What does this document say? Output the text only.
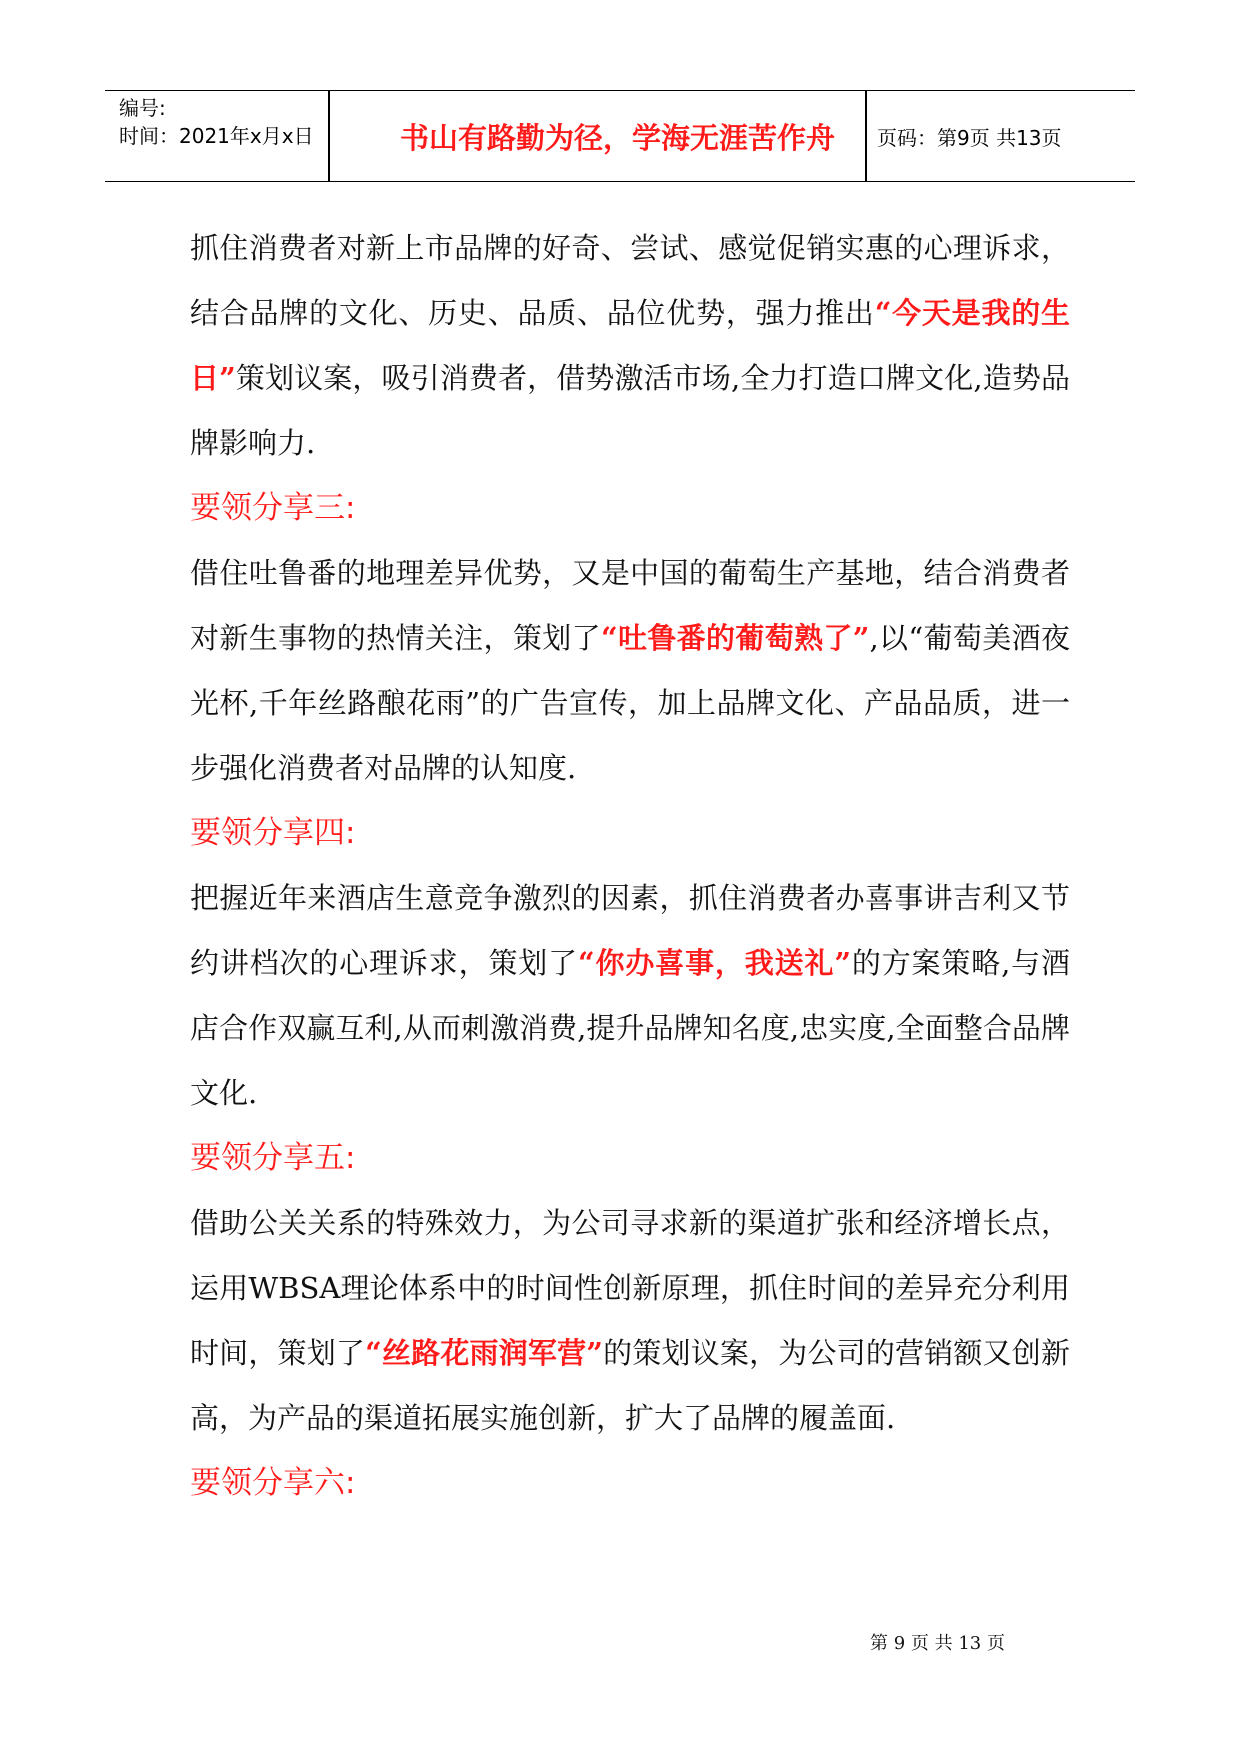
编号:
时间：2021年x月x日	书山有路勤为径，学海无涯苦作舟	页码：第9页 共13页

抓住消费者对新上市品牌的好奇、尝试、感觉促销实惠的心理诉求，结合品牌的文化、历史、品质、品位优势，强力推出“今天是我的生日”策划议案，吸引消费者，借势激活市场,全力打造口牌文化,造势品牌影响力.

要领分享三:

借住吐鲁番的地理差异优势，又是中国的葡萄生产基地，结合消费者对新生事物的热情关注，策划了“吐鲁番的葡萄熟了”,以“葡萄美酒夜光杯,千年丝路酿花雨”的广告宣传，加上品牌文化、产品品质，进一步强化消费者对品牌的认知度.

要领分享四:

把握近年来酒店生意竞争激烈的因素，抓住消费者办喜事讲吉利又节约讲档次的心理诉求，策划了“你办喜事，我送礼”的方案策略,与酒店合作双赢互利,从而刺激消费,提升品牌知名度,忠实度,全面整合品牌文化.

要领分享五:

借助公关关系的特殊效力，为公司寻求新的渠道扩张和经济增长点，运用WBSA理论体系中的时间性创新原理，抓住时间的差异充分利用时间，策划了“丝路花雨润军营”的策划议案，为公司的营销额又创新高，为产品的渠道拓展实施创新，扩大了品牌的履盖面.

要领分享六:

第 9 页 共 13 页
